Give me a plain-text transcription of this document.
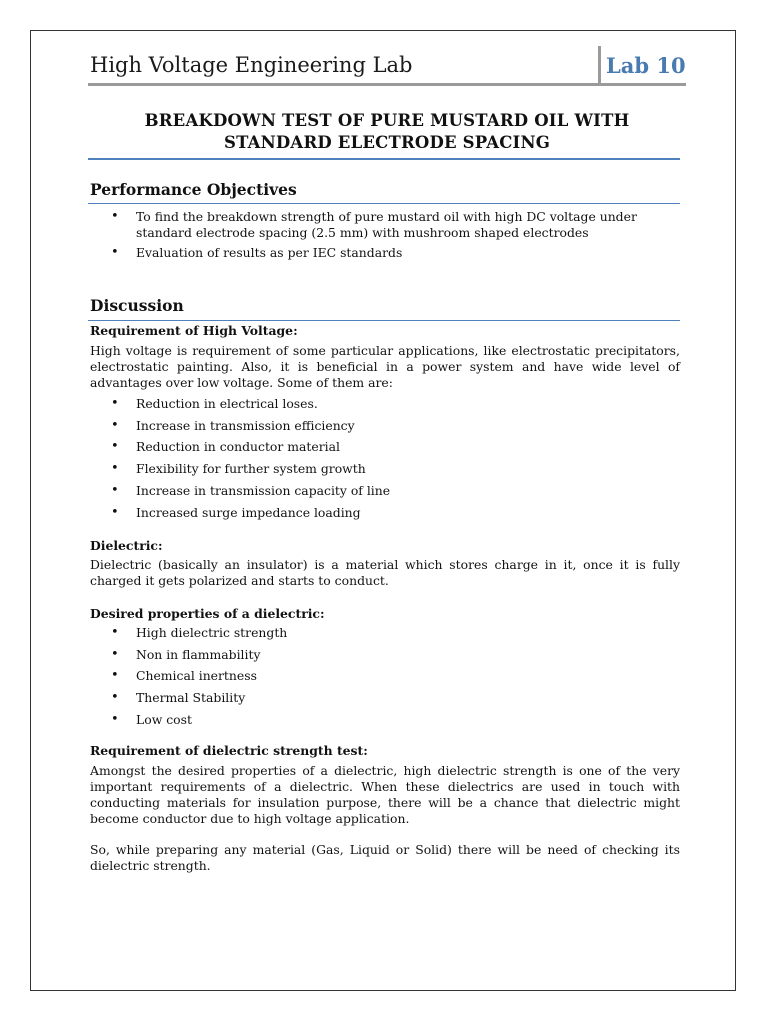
High Voltage Engineering Lab	Lab 10
BREAKDOWN TEST OF PURE MUSTARD OIL WITH
STANDARD ELECTRODE SPACING
Performance Objectives
• To find the breakdown strength of pure mustard oil with high DC voltage under standard electrode spacing (2.5 mm) with mushroom shaped electrodes
• Evaluation of results as per IEC standards
Discussion
Requirement of High Voltage:

High voltage is requirement of some particular applications, like electrostatic precipitators, electrostatic painting. Also, it is beneficial in a power system and have wide level of advantages over low voltage. Some of them are:

• Reduction in electrical loses.
• Increase in transmission efficiency
• Reduction in conductor material
• Flexibility for further system growth
• Increase in transmission capacity of line
• Increased surge impedance loading
Dielectric:

Dielectric (basically an insulator) is a material which stores charge in it, once it is fully charged it gets polarized and starts to conduct.

Desired properties of a dielectric:
• High dielectric strength
• Non in flammability
• Chemical inertness
• Thermal Stability
• Low cost
Requirement of dielectric strength test:

Amongst the desired properties of a dielectric, high dielectric strength is one of the very important requirements of a dielectric. When these dielectrics are used in touch with conducting materials for insulation purpose, there will be a chance that dielectric might become conductor due to high voltage application.

So, while preparing any material (Gas, Liquid or Solid) there will be need of checking its dielectric strength.
